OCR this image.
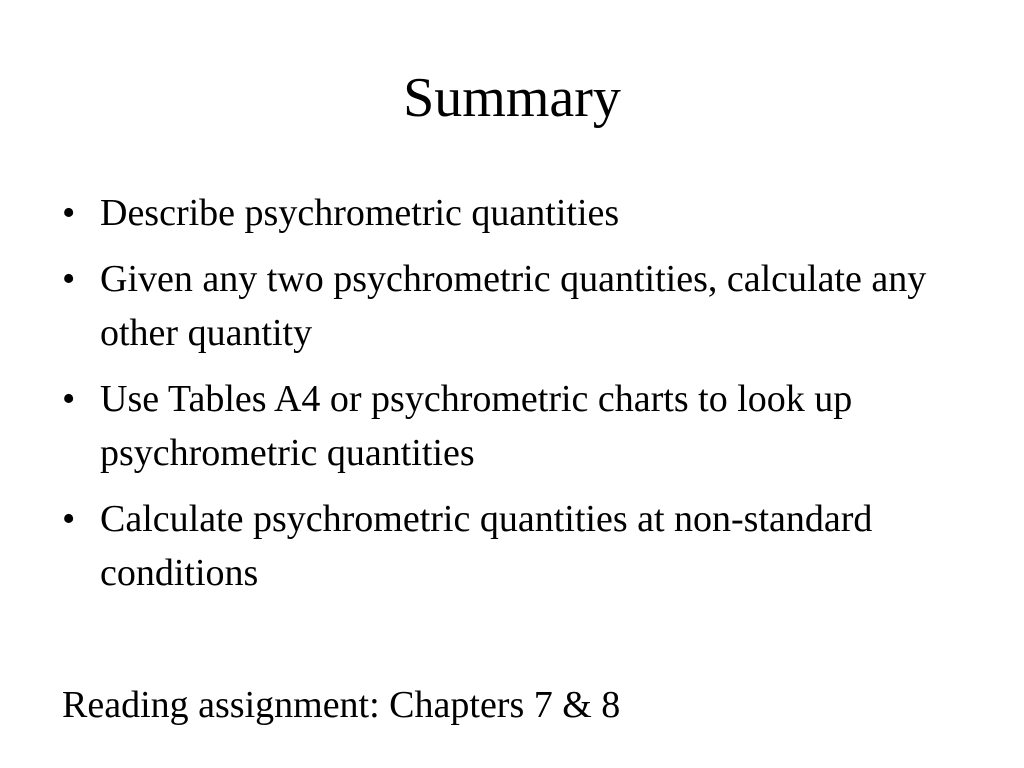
Summary
• Describe psychrometric quantities
• Given any two psychrometric quantities, calculate any other quantity
• Use Tables A4 or psychrometric charts to look up psychrometric quantities
• Calculate psychrometric quantities at non-standard conditions

Reading assignment: Chapters 7 & 8
